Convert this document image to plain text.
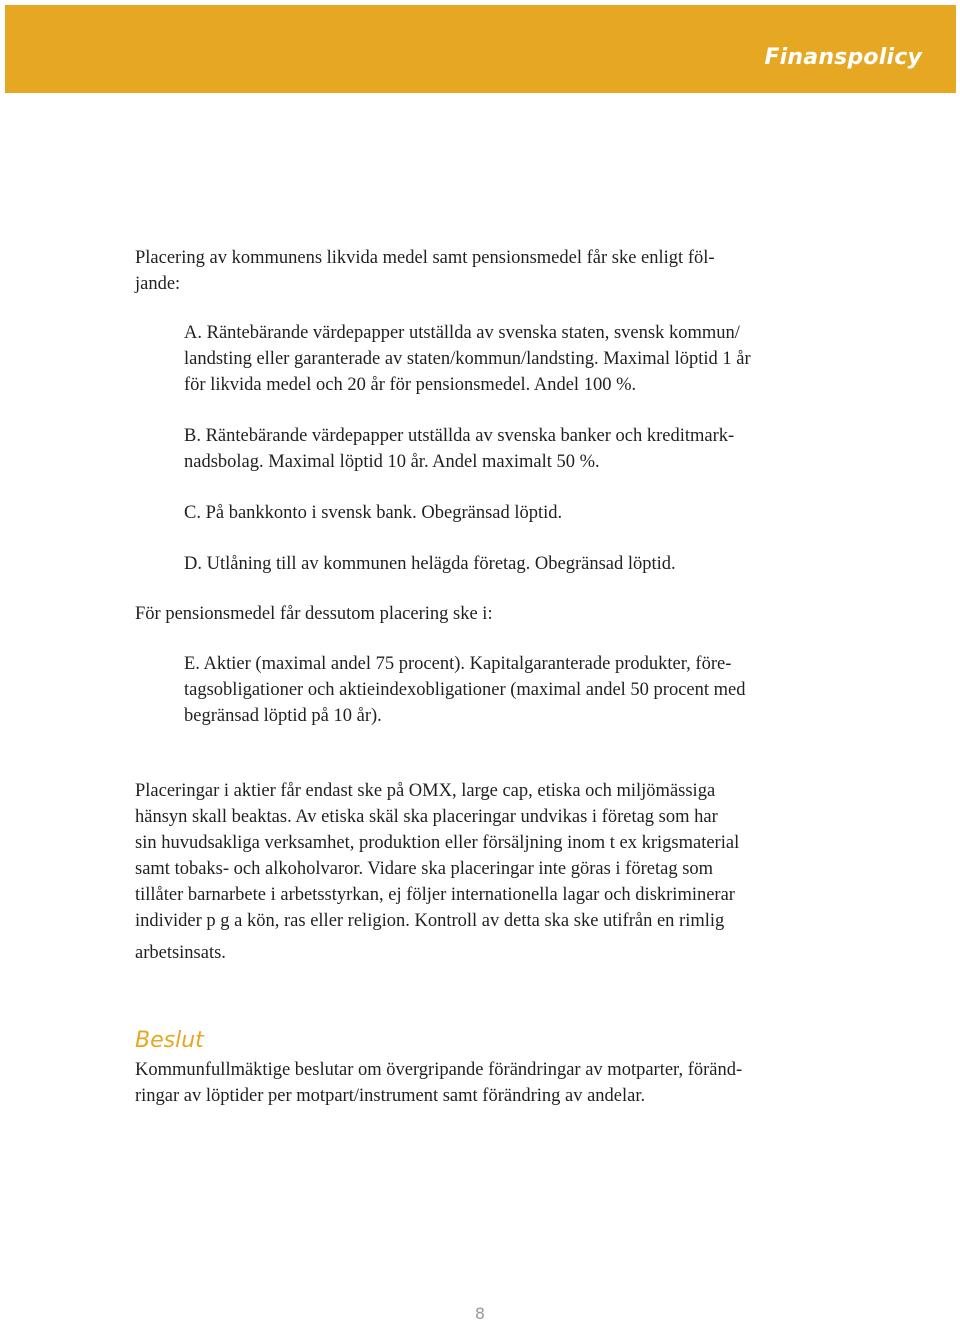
Finanspolicy
Placering av kommunens likvida medel samt pensionsmedel får ske enligt föl-
jande:
A. Räntebärande värdepapper utställda av svenska staten, svensk kommun/
landsting eller garanterade av staten/kommun/landsting. Maximal löptid 1 år
för likvida medel och 20 år för pensionsmedel. Andel 100 %.
B. Räntebärande värdepapper utställda av svenska banker och kreditmark-
nadsbolag. Maximal löptid 10 år. Andel maximalt 50 %.
C. På bankkonto i svensk bank. Obegränsad löptid.
D. Utlåning till av kommunen helägda företag. Obegränsad löptid.
För pensionsmedel får dessutom placering ske i:
E. Aktier (maximal andel 75 procent). Kapitalgaranterade produkter, före-
tagsobligationer och aktieindexobligationer (maximal andel 50 procent med
begränsad löptid på 10 år).
Placeringar i aktier får endast ske på OMX, large cap, etiska och miljömässiga
hänsyn skall beaktas. Av etiska skäl ska placeringar undvikas i företag som har
sin huvudsakliga verksamhet, produktion eller försäljning inom t ex krigsmaterial
samt tobaks- och alkoholvaror. Vidare ska placeringar inte göras i företag som
tillåter barnarbete i arbetsstyrkan, ej följer internationella lagar och diskriminerar
individer p g a kön, ras eller religion. Kontroll av detta ska ske utifrån en rimlig
arbetsinsats.
Beslut
Kommunfullmäktige beslutar om övergripande förändringar av motparter, föränd-
ringar av löptider per motpart/instrument samt förändring av andelar.
8
